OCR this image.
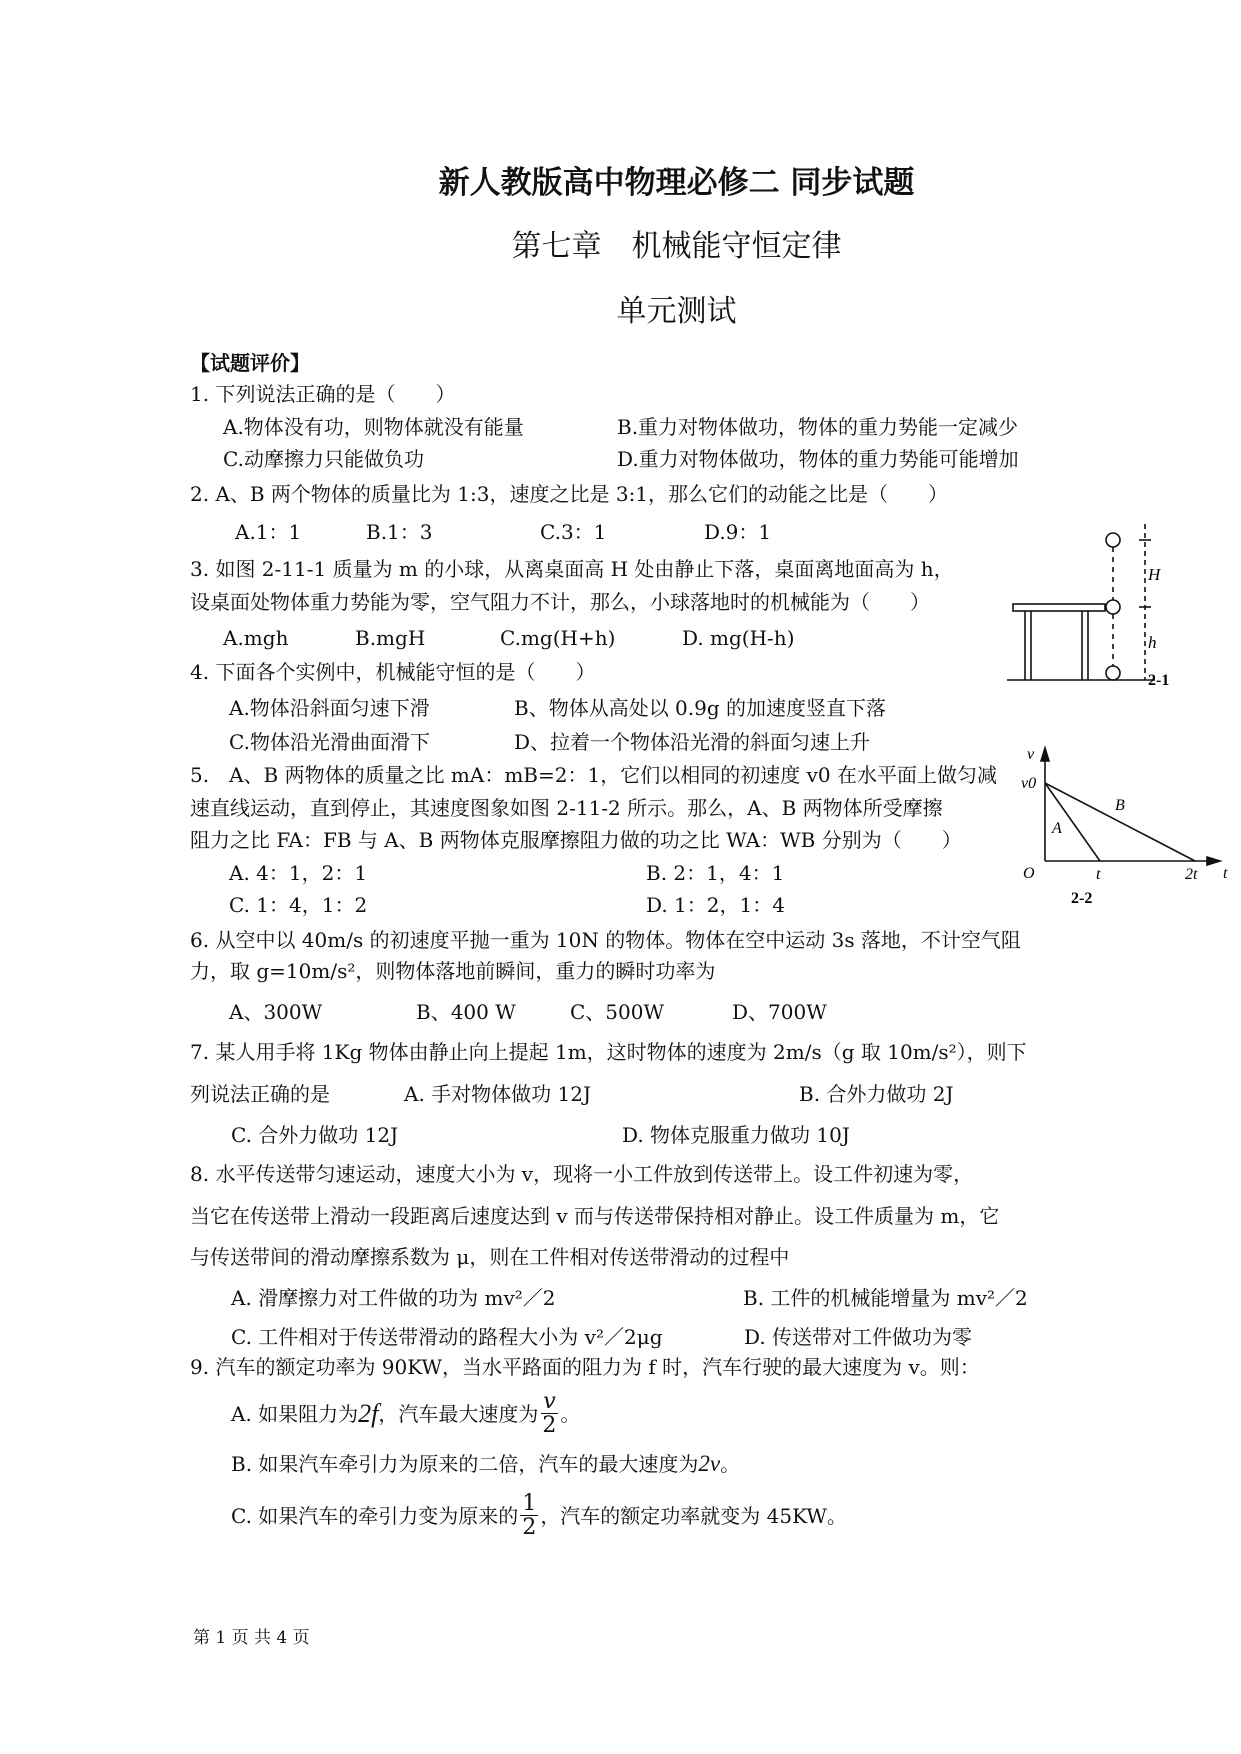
新人教版高中物理必修二 同步试题
第七章　机械能守恒定律
单元测试
【试题评价】
1. 下列说法正确的是（　　）
A.物体没有功，则物体就没有能量	B.重力对物体做功，物体的重力势能一定减少
C.动摩擦力只能做负功	D.重力对物体做功，物体的重力势能可能增加
2. A、B 两个物体的质量比为 1:3，速度之比是 3:1，那么它们的动能之比是（　　）
A.1：1	B.1：3	C.3：1	D.9：1
3. 如图 2-11-1 质量为 m 的小球，从离桌面高 H 处由静止下落，桌面离地面高为 h，
设桌面处物体重力势能为零，空气阻力不计，那么，小球落地时的机械能为（　　）
A.mgh	B.mgH	C.mg(H+h)	D. mg(H-h)
4. 下面各个实例中，机械能守恒的是（　　）
A.物体沿斜面匀速下滑	B、物体从高处以 0.9g 的加速度竖直下落
C.物体沿光滑曲面滑下	D、拉着一个物体沿光滑的斜面匀速上升
5.　A、B 两物体的质量之比 mA：mB=2：1，它们以相同的初速度 v0 在水平面上做匀减
速直线运动，直到停止，其速度图象如图 2-11-2 所示。那么，A、B 两物体所受摩擦
阻力之比 FA：FB 与 A、B 两物体克服摩擦阻力做的功之比 WA：WB 分别为（　　）
A. 4：1，2：1	B. 2：1，4：1
C. 1：4，1：2	D. 1：2，1：4
6. 从空中以 40m/s 的初速度平抛一重为 10N 的物体。物体在空中运动 3s 落地，不计空气阻
力，取 g=10m/s²，则物体落地前瞬间，重力的瞬时功率为
A、300W	B、400 W	C、500W	D、700W
7. 某人用手将 1Kg 物体由静止向上提起 1m，这时物体的速度为 2m/s（g 取 10m/s²），则下
列说法正确的是	A. 手对物体做功 12J	B. 合外力做功 2J
C. 合外力做功 12J	D. 物体克服重力做功 10J
8. 水平传送带匀速运动，速度大小为 v，现将一小工件放到传送带上。设工件初速为零，
当它在传送带上滑动一段距离后速度达到 v 而与传送带保持相对静止。设工件质量为 m，它
与传送带间的滑动摩擦系数为 μ，则在工件相对传送带滑动的过程中
A. 滑摩擦力对工件做的功为 mv²／2	B. 工件的机械能增量为 mv²／2
C. 工件相对于传送带滑动的路程大小为 v²／2μg	D. 传送带对工件做功为零
9. 汽车的额定功率为 90KW，当水平路面的阻力为 f 时，汽车行驶的最大速度为 v。则：
A. 如果阻力为 2f ，汽车最大速度为 $\frac{v}{2}$ 。
B. 如果汽车牵引力为原来的二倍，汽车的最大速度为 2v 。
C. 如果汽车的牵引力变为原来的 $\frac{1}{2}$ ，汽车的额定功率就变为 45KW。
第 1 页 共 4 页
H
h
2-1
v
v0
A
B
O	t	2t t
2-2
